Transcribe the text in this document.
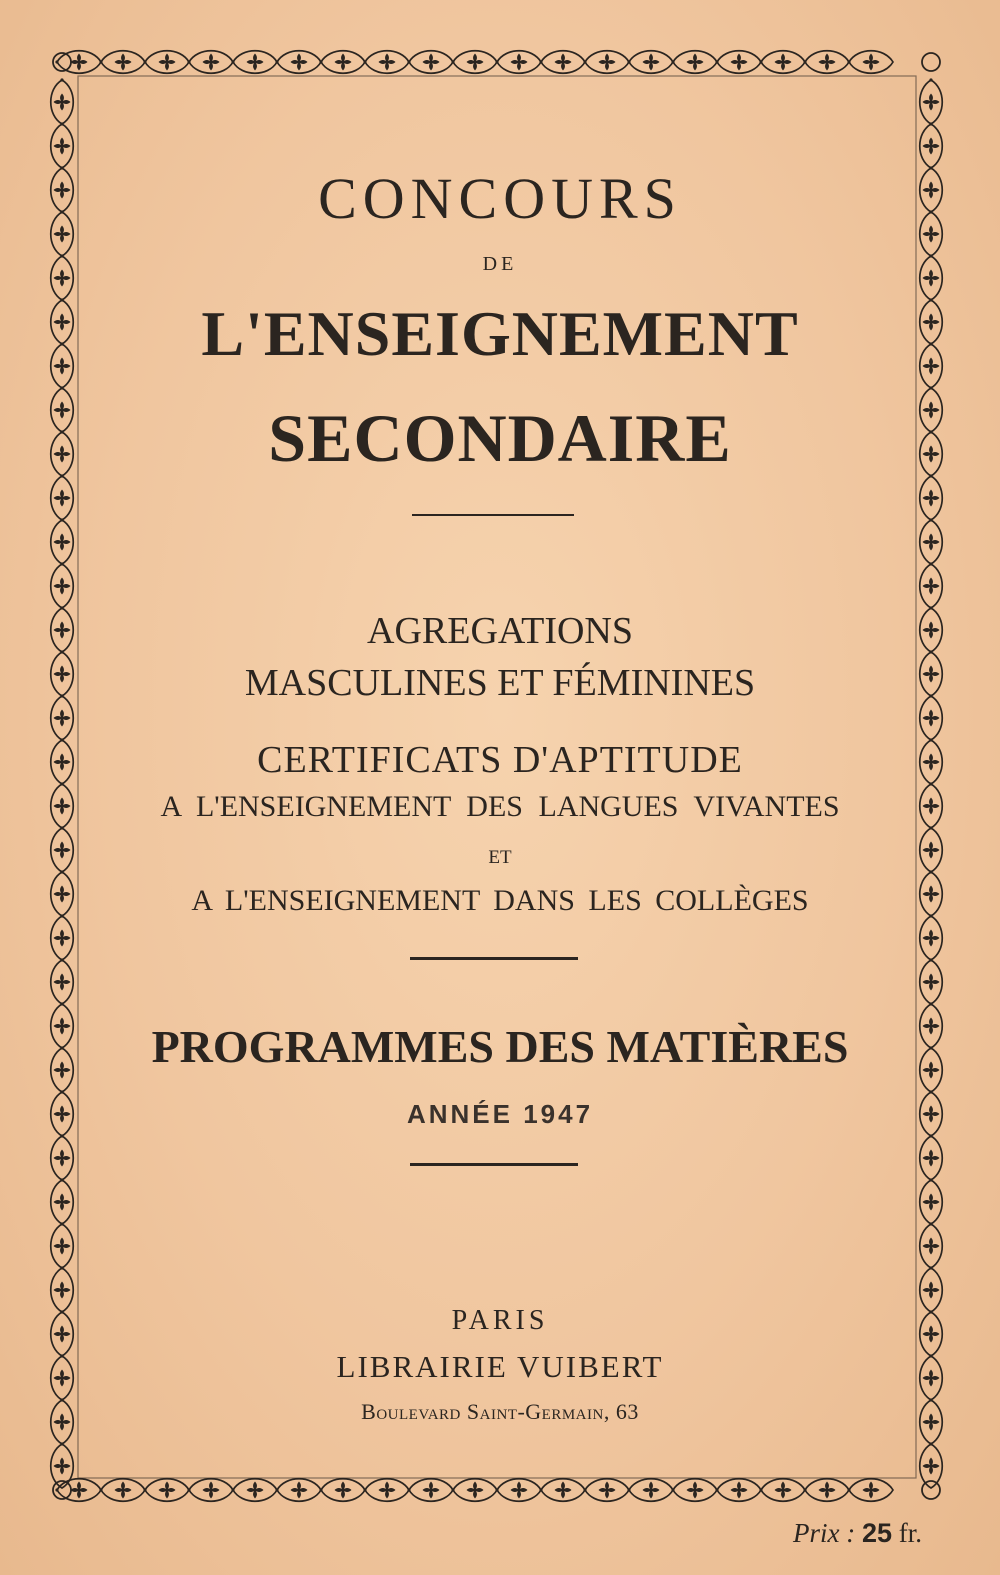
CONCOURS
DE
L'ENSEIGNEMENT
SECONDAIRE
AGREGATIONS
MASCULINES ET FÉMININES
CERTIFICATS D'APTITUDE
A L'ENSEIGNEMENT DES LANGUES VIVANTES
ET
A L'ENSEIGNEMENT DANS LES COLLÈGES
PROGRAMMES DES MATIÈRES
ANNÉE 1947
PARIS
LIBRAIRIE VUIBERT
Boulevard Saint-Germain, 63
Prix : 25 fr.
